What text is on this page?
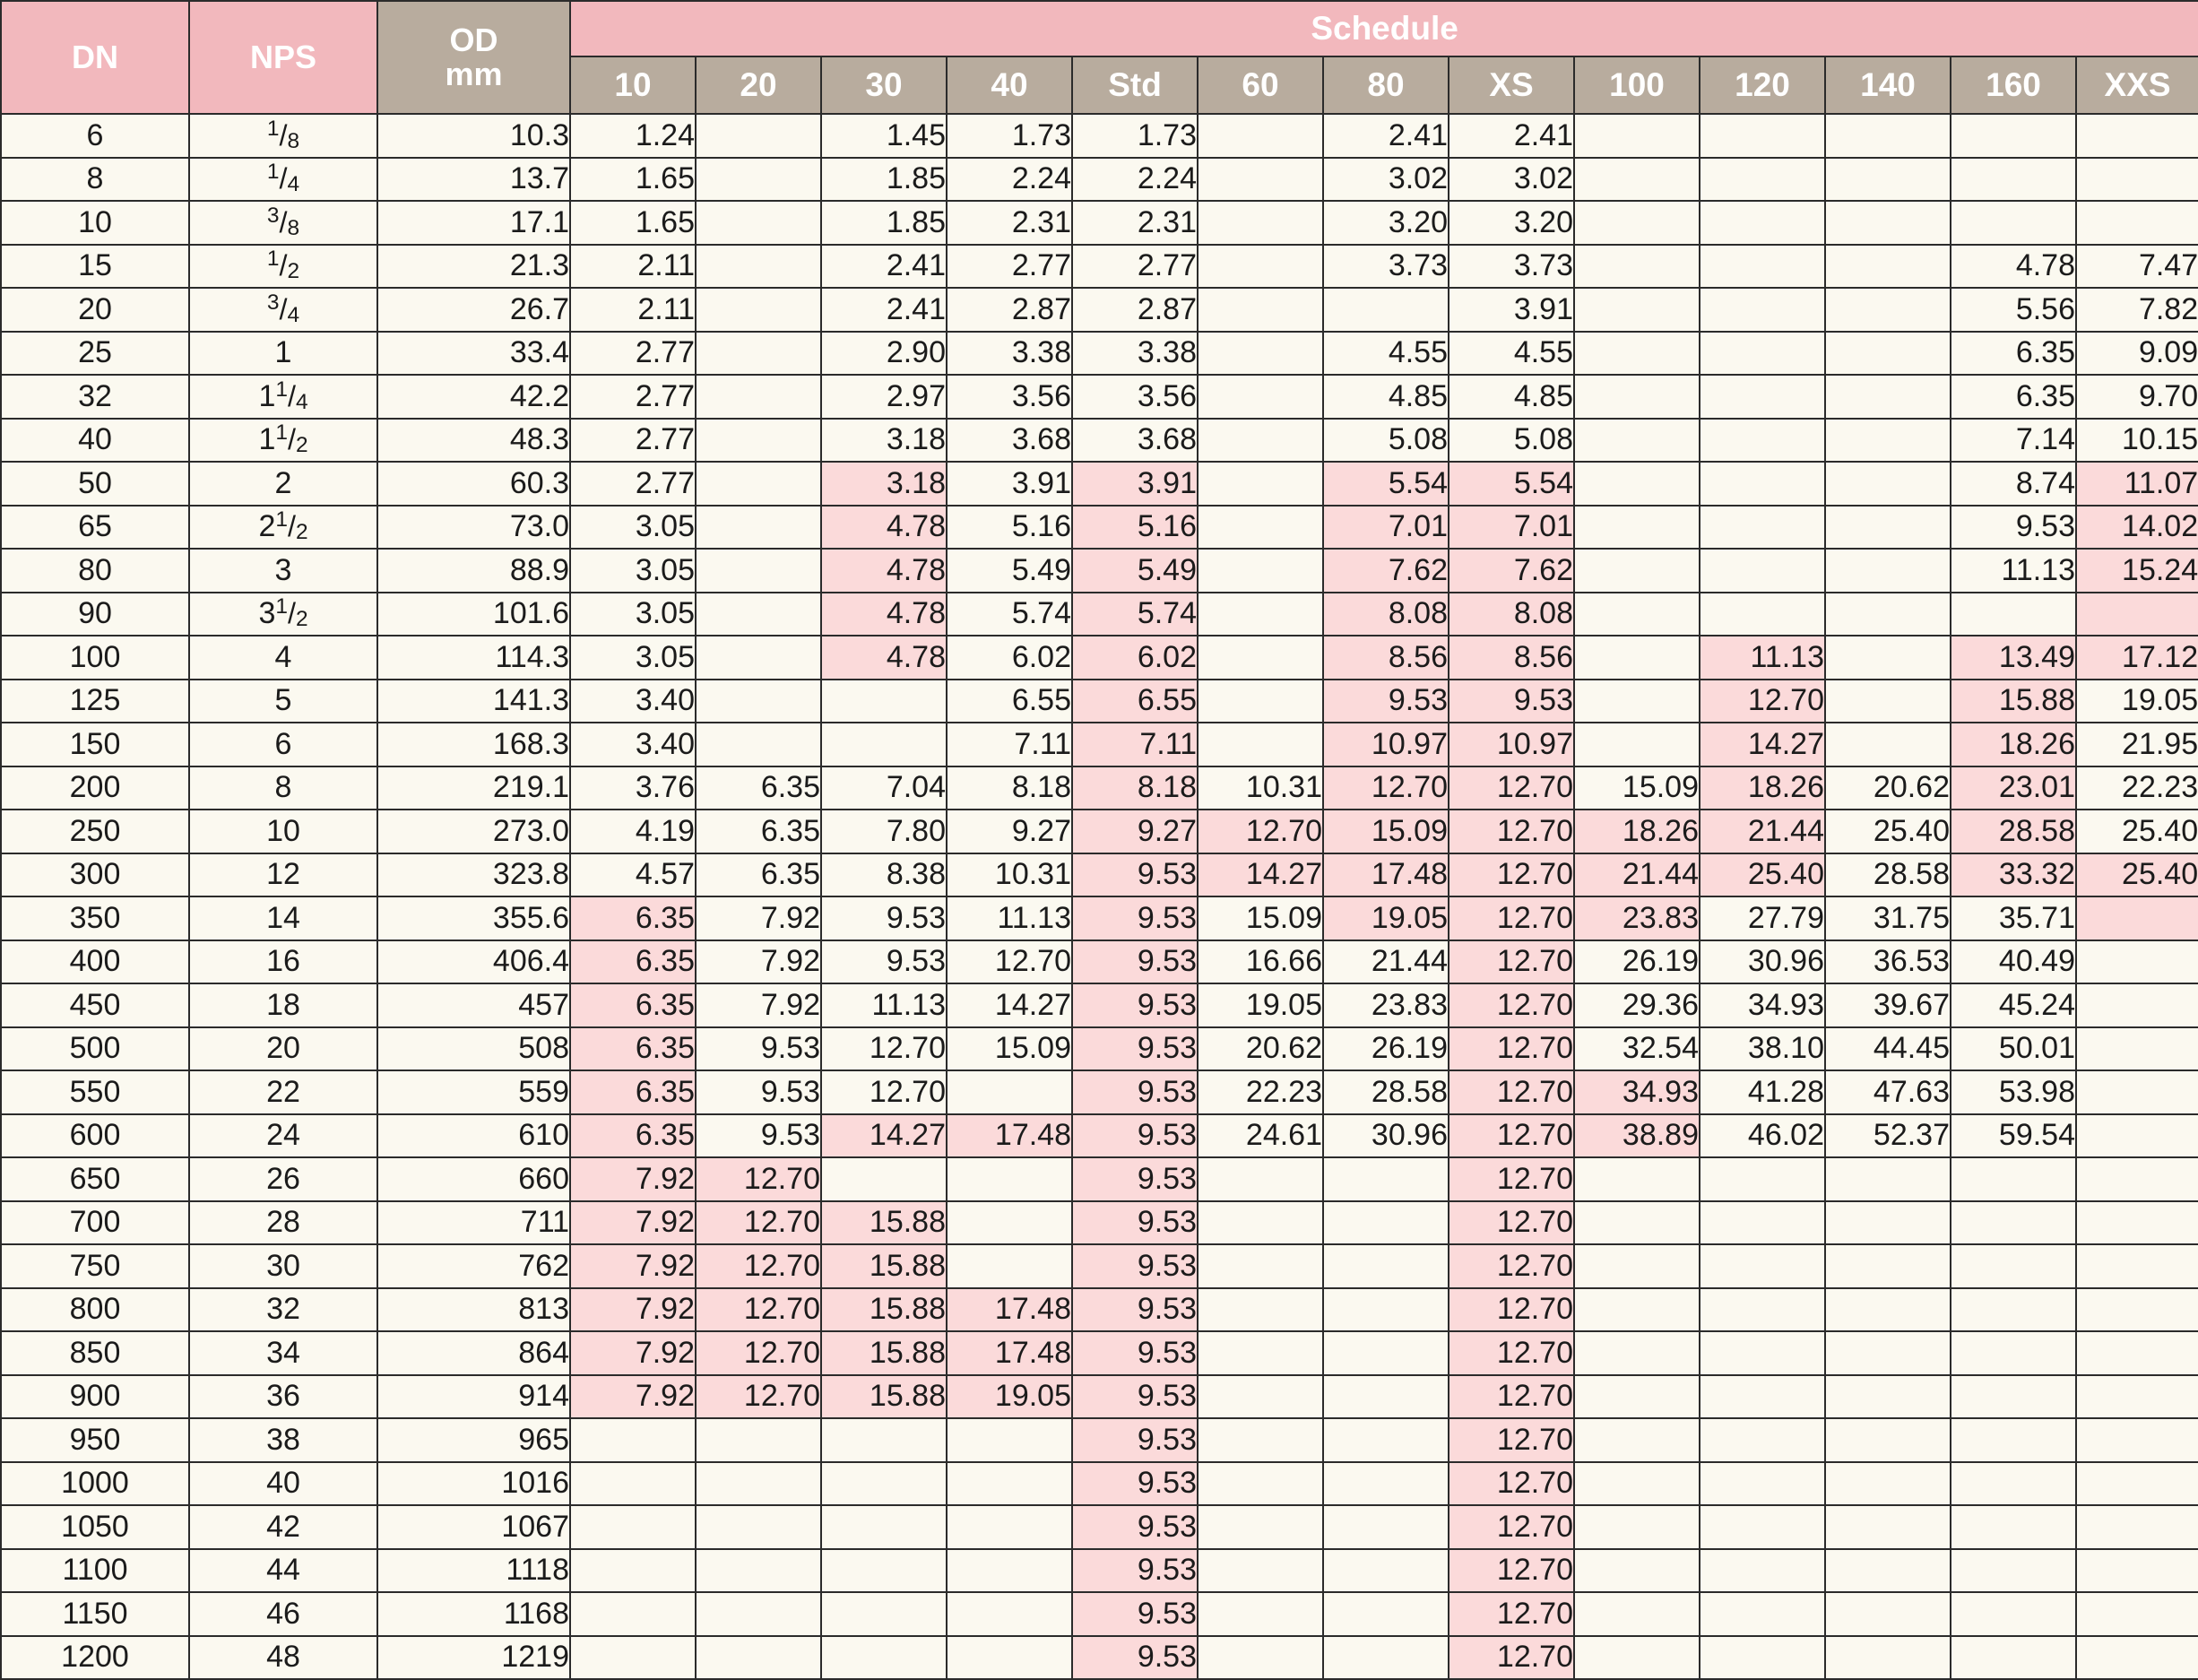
DN	NPS	OD
mm	Schedule												
			10	20	30	40	Std	60	80	XS	100	120	140	160	XXS
6	$^1/_8$	10.3	1.24		1.45	1.73	1.73		2.41	2.41					
8	$^1/_4$	13.7	1.65		1.85	2.24	2.24		3.02	3.02					
10	$^3/_8$	17.1	1.65		1.85	2.31	2.31		3.20	3.20					
15	$^1/_2$	21.3	2.11		2.41	2.77	2.77		3.73	3.73				4.78	7.47
20	$^3/_4$	26.7	2.11		2.41	2.87	2.87			3.91				5.56	7.82
25	1	33.4	2.77		2.90	3.38	3.38		4.55	4.55				6.35	9.09
32	$1^1/_4$	42.2	2.77		2.97	3.56	3.56		4.85	4.85				6.35	9.70
40	$1^1/_2$	48.3	2.77		3.18	3.68	3.68		5.08	5.08				7.14	10.15
50	2	60.3	2.77		3.18	3.91	3.91		5.54	5.54				8.74	11.07
65	$2^1/_2$	73.0	3.05		4.78	5.16	5.16		7.01	7.01				9.53	14.02
80	3	88.9	3.05		4.78	5.49	5.49		7.62	7.62				11.13	15.24
90	$3^1/_2$	101.6	3.05		4.78	5.74	5.74		8.08	8.08					
100	4	114.3	3.05		4.78	6.02	6.02		8.56	8.56		11.13		13.49	17.12
125	5	141.3	3.40			6.55	6.55		9.53	9.53		12.70		15.88	19.05
150	6	168.3	3.40			7.11	7.11		10.97	10.97		14.27		18.26	21.95
200	8	219.1	3.76	6.35	7.04	8.18	8.18	10.31	12.70	12.70	15.09	18.26	20.62	23.01	22.23
250	10	273.0	4.19	6.35	7.80	9.27	9.27	12.70	15.09	12.70	18.26	21.44	25.40	28.58	25.40
300	12	323.8	4.57	6.35	8.38	10.31	9.53	14.27	17.48	12.70	21.44	25.40	28.58	33.32	25.40
350	14	355.6	6.35	7.92	9.53	11.13	9.53	15.09	19.05	12.70	23.83	27.79	31.75	35.71	
400	16	406.4	6.35	7.92	9.53	12.70	9.53	16.66	21.44	12.70	26.19	30.96	36.53	40.49	
450	18	457	6.35	7.92	11.13	14.27	9.53	19.05	23.83	12.70	29.36	34.93	39.67	45.24	
500	20	508	6.35	9.53	12.70	15.09	9.53	20.62	26.19	12.70	32.54	38.10	44.45	50.01	
550	22	559	6.35	9.53	12.70		9.53	22.23	28.58	12.70	34.93	41.28	47.63	53.98	
600	24	610	6.35	9.53	14.27	17.48	9.53	24.61	30.96	12.70	38.89	46.02	52.37	59.54	
650	26	660	7.92	12.70			9.53			12.70					
700	28	711	7.92	12.70	15.88		9.53			12.70					
750	30	762	7.92	12.70	15.88		9.53			12.70					
800	32	813	7.92	12.70	15.88	17.48	9.53			12.70					
850	34	864	7.92	12.70	15.88	17.48	9.53			12.70					
900	36	914	7.92	12.70	15.88	19.05	9.53			12.70					
950	38	965					9.53			12.70					
1000	40	1016					9.53			12.70					
1050	42	1067					9.53			12.70					
1100	44	1118					9.53			12.70					
1150	46	1168					9.53			12.70					
1200	48	1219					9.53			12.70					
